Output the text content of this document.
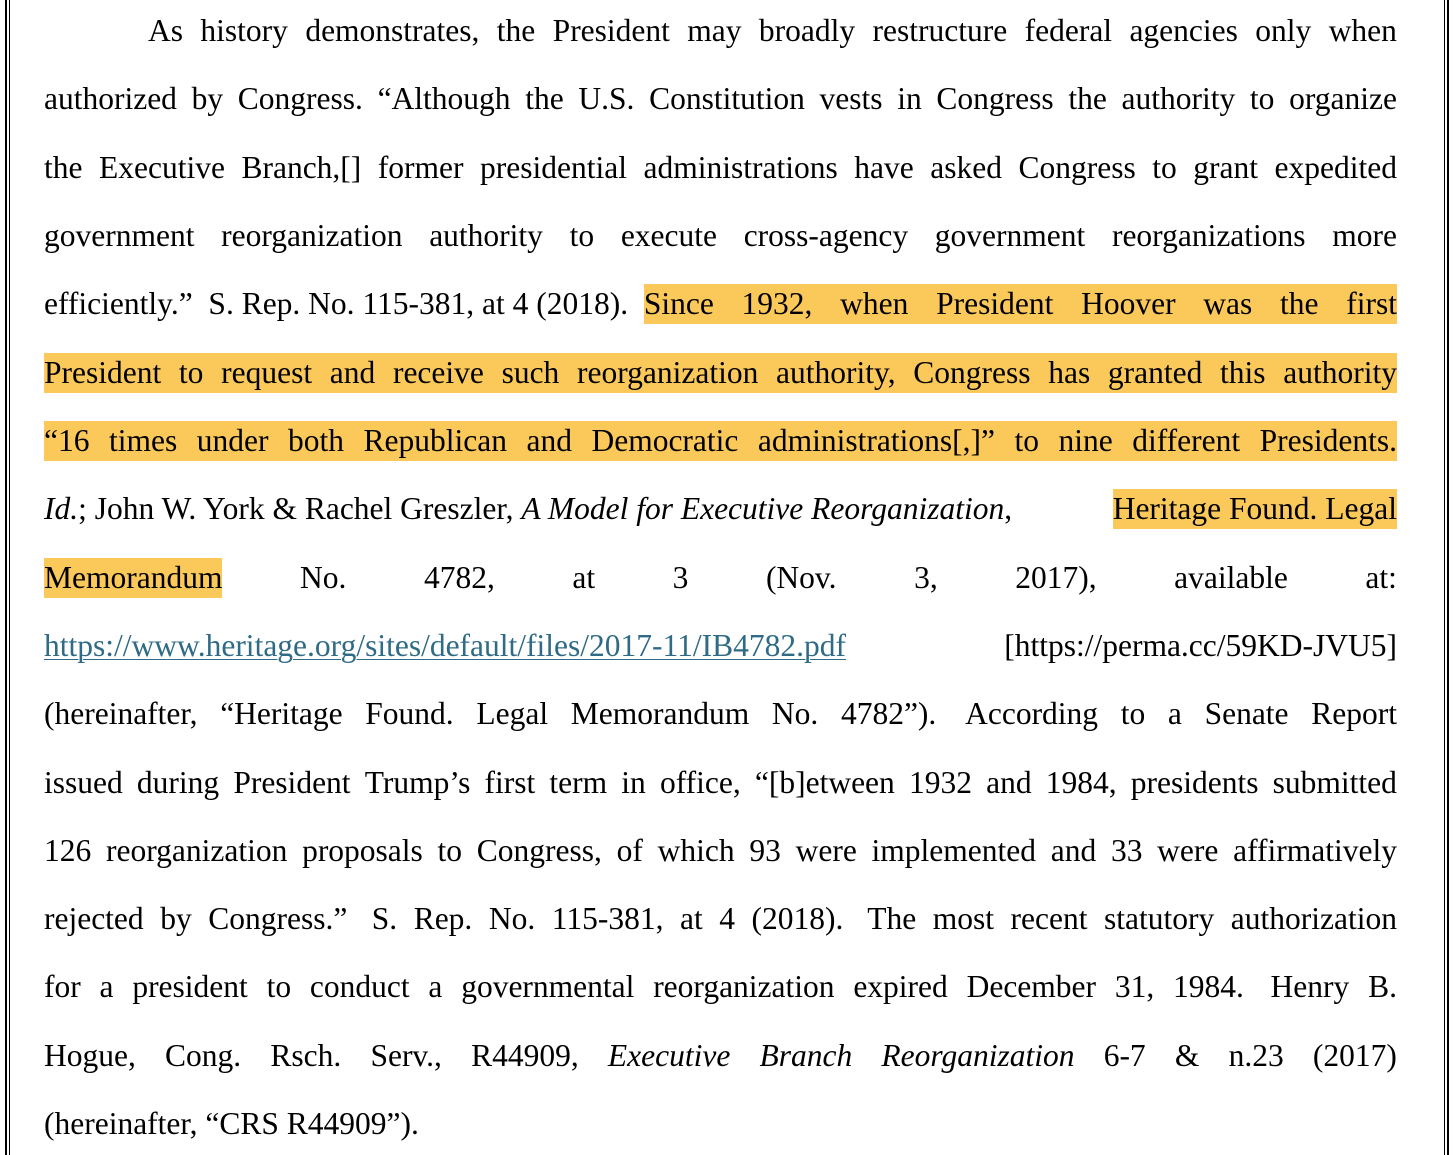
As history demonstrates, the President may broadly restructure federal agencies only when
authorized by Congress. “Although the U.S. Constitution vests in Congress the authority to organize
the Executive Branch,[] former presidential administrations have asked Congress to grant expedited
government reorganization authority to execute cross-agency government reorganizations more
efficiently.”  S. Rep. No. 115-381, at 4 (2018). Since 1932, when President Hoover was the first
President to request and receive such reorganization authority, Congress has granted this authority
“16 times under both Republican and Democratic administrations[,]” to nine different Presidents.
Id.; John W. York & Rachel Greszler, A Model for Executive Reorganization,	Heritage Found. Legal
Memorandum No. 4782, at 3 (Nov. 3, 2017), available at:
https://www.heritage.org/sites/default/files/2017-11/IB4782.pdf	[https://perma.cc/59KD-JVU5]
(hereinafter, “Heritage Found. Legal Memorandum No. 4782”). According to a Senate Report
issued during President Trump’s first term in office, “[b]etween 1932 and 1984, presidents submitted
126 reorganization proposals to Congress, of which 93 were implemented and 33 were affirmatively
rejected by Congress.” S. Rep. No. 115-381, at 4 (2018). The most recent statutory authorization
for a president to conduct a governmental reorganization expired December 31, 1984. Henry B.
Hogue, Cong. Rsch. Serv., R44909, Executive Branch Reorganization 6-7 & n.23 (2017)
(hereinafter, “CRS R44909”).
